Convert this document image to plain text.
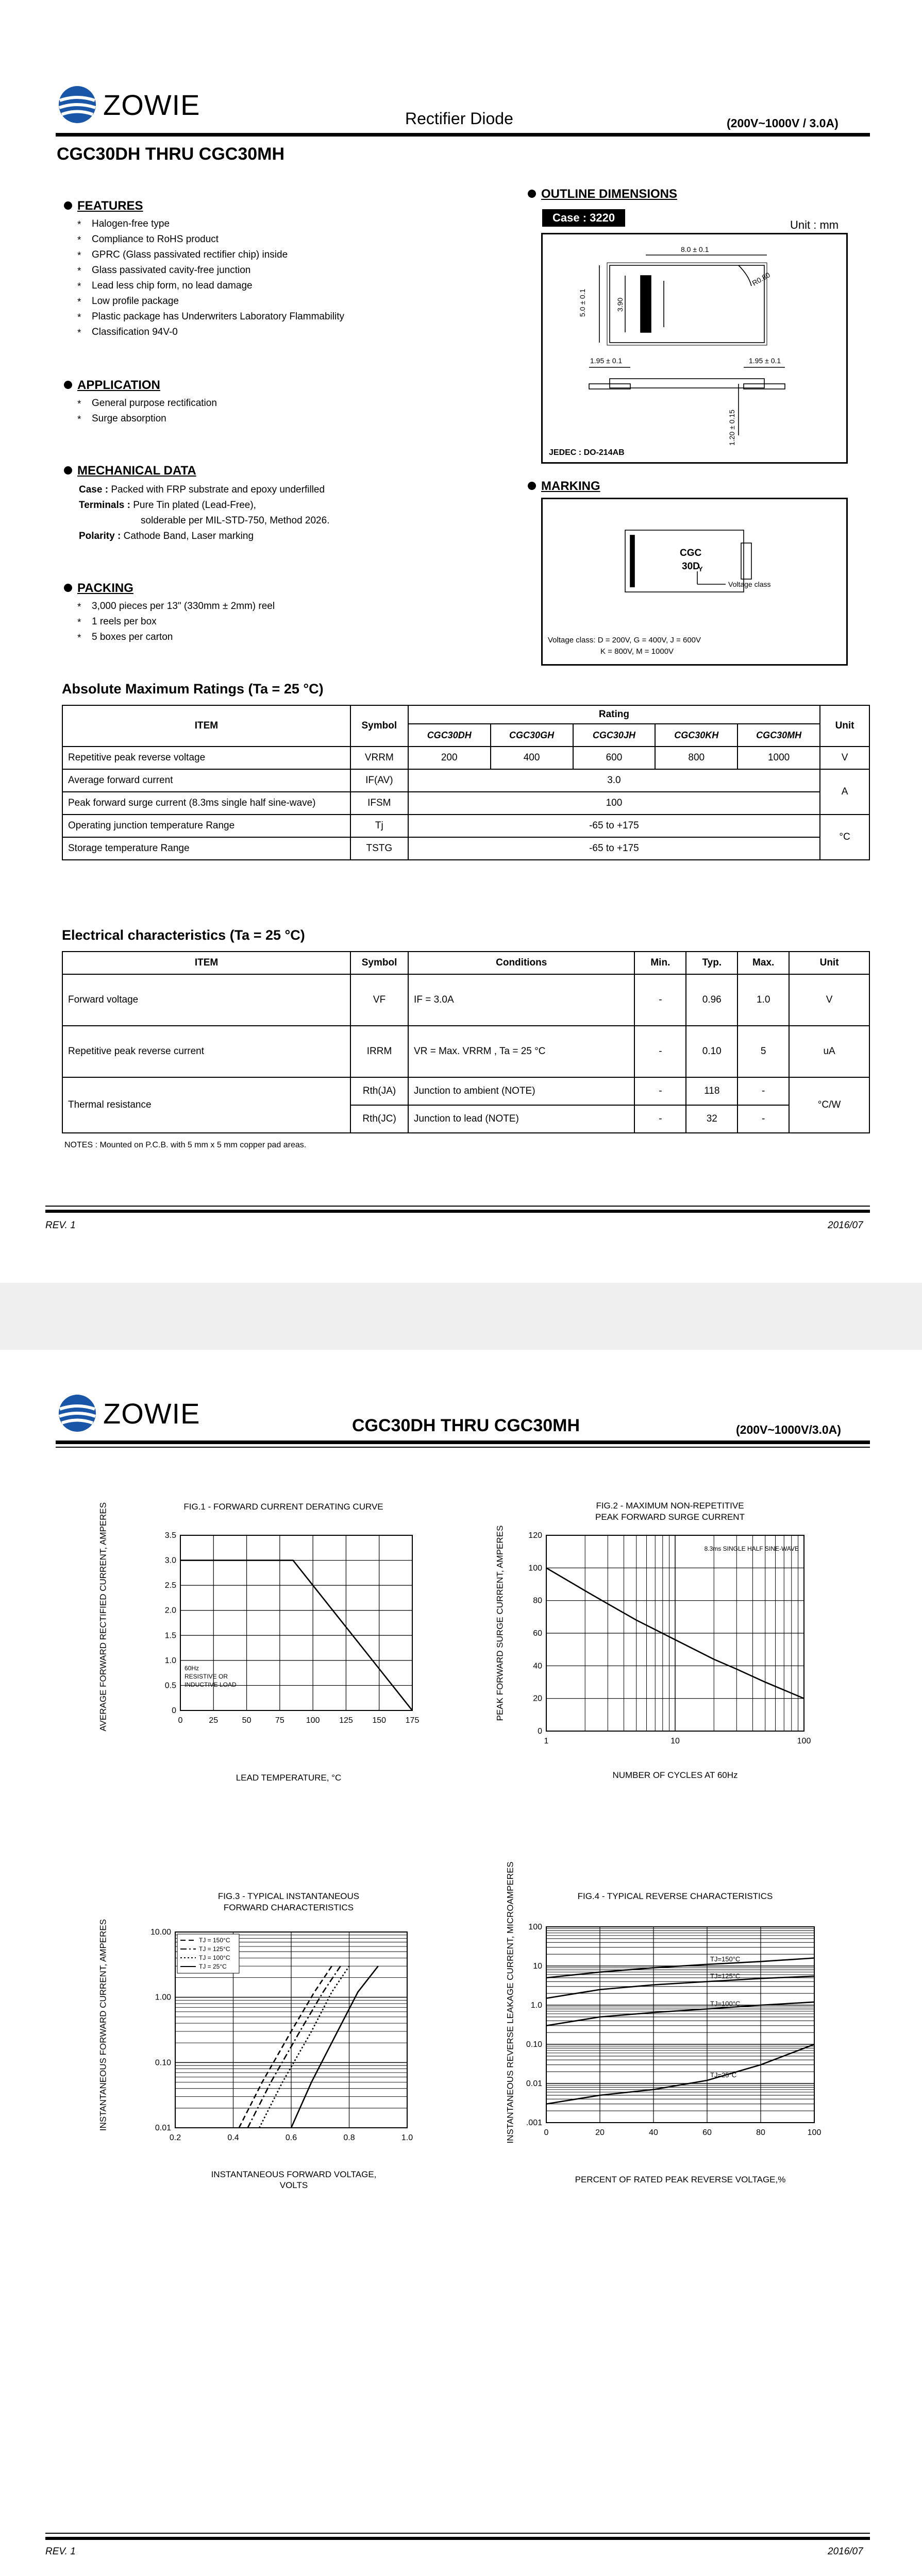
ZOWIE	Rectifier Diode	(200V~1000V / 3.0A)
CGC30DH THRU CGC30MH
FEATURES
* Halogen-free type
* Compliance to RoHS product
* GPRC (Glass passivated rectifier chip) inside
* Glass passivated cavity-free junction
* Lead less chip form, no lead damage
* Low profile package
* Plastic package has Underwriters Laboratory Flammability
* Classification 94V-0
APPLICATION
* General purpose rectification
* Surge absorption
MECHANICAL DATA
Case : Packed with FRP substrate and epoxy underfilled
Terminals : Pure Tin plated (Lead-Free),
solderable per MIL-STD-750, Method 2026.
Polarity : Cathode Band, Laser marking
PACKING
* 3,000 pieces per 13" (330mm ± 2mm) reel
* 1 reels per box
* 5 boxes per carton
OUTLINE DIMENSIONS
Case : 3220
Unit : mm
8.0 ± 0.1
5.0 ± 0.1	3.90
R0.80
1.95 ± 0.1	1.95 ± 0.1
1.20 ± 0.15
JEDEC : DO-214AB
MARKING
CGC
30D
Y
Voltage class
Voltage class: D = 200V, G = 400V, J = 600V
K = 800V, M = 1000V
Absolute Maximum Ratings (Ta = 25 °C)
ITEM	Symbol	Rating					Unit
		CGC30DH	CGC30GH	CGC30JH	CGC30KH	CGC30MH	
Repetitive peak reverse voltage	VRRM	200	400	600	800	1000	V
Average forward current	IF(AV)	3.0					A
Peak forward surge current (8.3ms single half sine-wave)	IFSM	100					
Operating junction temperature Range	Tj	-65 to +175					°C
Storage temperature Range	TSTG	-65 to +175					
Electrical characteristics (Ta = 25 °C)
ITEM	Symbol	Conditions	Min.	Typ.	Max.	Unit
Forward voltage	VF	IF = 3.0A	-	0.96	1.0	V
Repetitive peak reverse current	IRRM	VR = Max. VRRM , Ta = 25 °C	-	0.10	5	uA
Thermal resistance	Rth(JA)	Junction to ambient (NOTE)	-	118	-	°C/W
	Rth(JC)	Junction to lead (NOTE)	-	32	-	
NOTES : Mounted on P.C.B. with 5 mm x 5 mm copper pad areas.
REV. 1	2016/07
ZOWIE	CGC30DH THRU CGC30MH	(200V~1000V/3.0A)
FIG.1 - FORWARD CURRENT DERATING CURVE
0	25	50	75	100 125 150 175
0
0.5
1.0
1.5
2.0
2.5
3.0
3.5
60Hz
RESISTIVE OR
INDUCTIVE LOAD
AVERAGE FORWARD RECTIFIED CURRENT, AMPERES
LEAD TEMPERATURE, °C
FIG.2 - MAXIMUM NON-REPETITIVE
PEAK FORWARD SURGE CURRENT
1	10	100
0
20
40
60
80
100
120
8.3ms SINGLE HALF SINE-WAVE
PEAK FORWARD SURGE CURRENT, AMPERES
NUMBER OF CYCLES AT 60Hz
FIG.3 - TYPICAL INSTANTANEOUS
FORWARD CHARACTERISTICS
0.2	0.4	0.6	0.8	1.0
0.01
0.10
1.00
10.00
TJ = 150°C
TJ = 125°C
TJ = 100°C
TJ = 25°C
INSTANTANEOUS FORWARD CURRENT, AMPERES
INSTANTANEOUS FORWARD VOLTAGE,
VOLTS
FIG.4 - TYPICAL REVERSE CHARACTERISTICS
0	20	40	60	80	100
.001
0.01
0.10
1.0
10
100
TJ=150°C
TJ=125°C
TJ=100°C
TJ=25°C
INSTANTANEOUS REVERSE LEAKAGE CURRENT, MICROAMPERES
PERCENT OF RATED PEAK REVERSE VOLTAGE,%
REV. 1	2016/07
